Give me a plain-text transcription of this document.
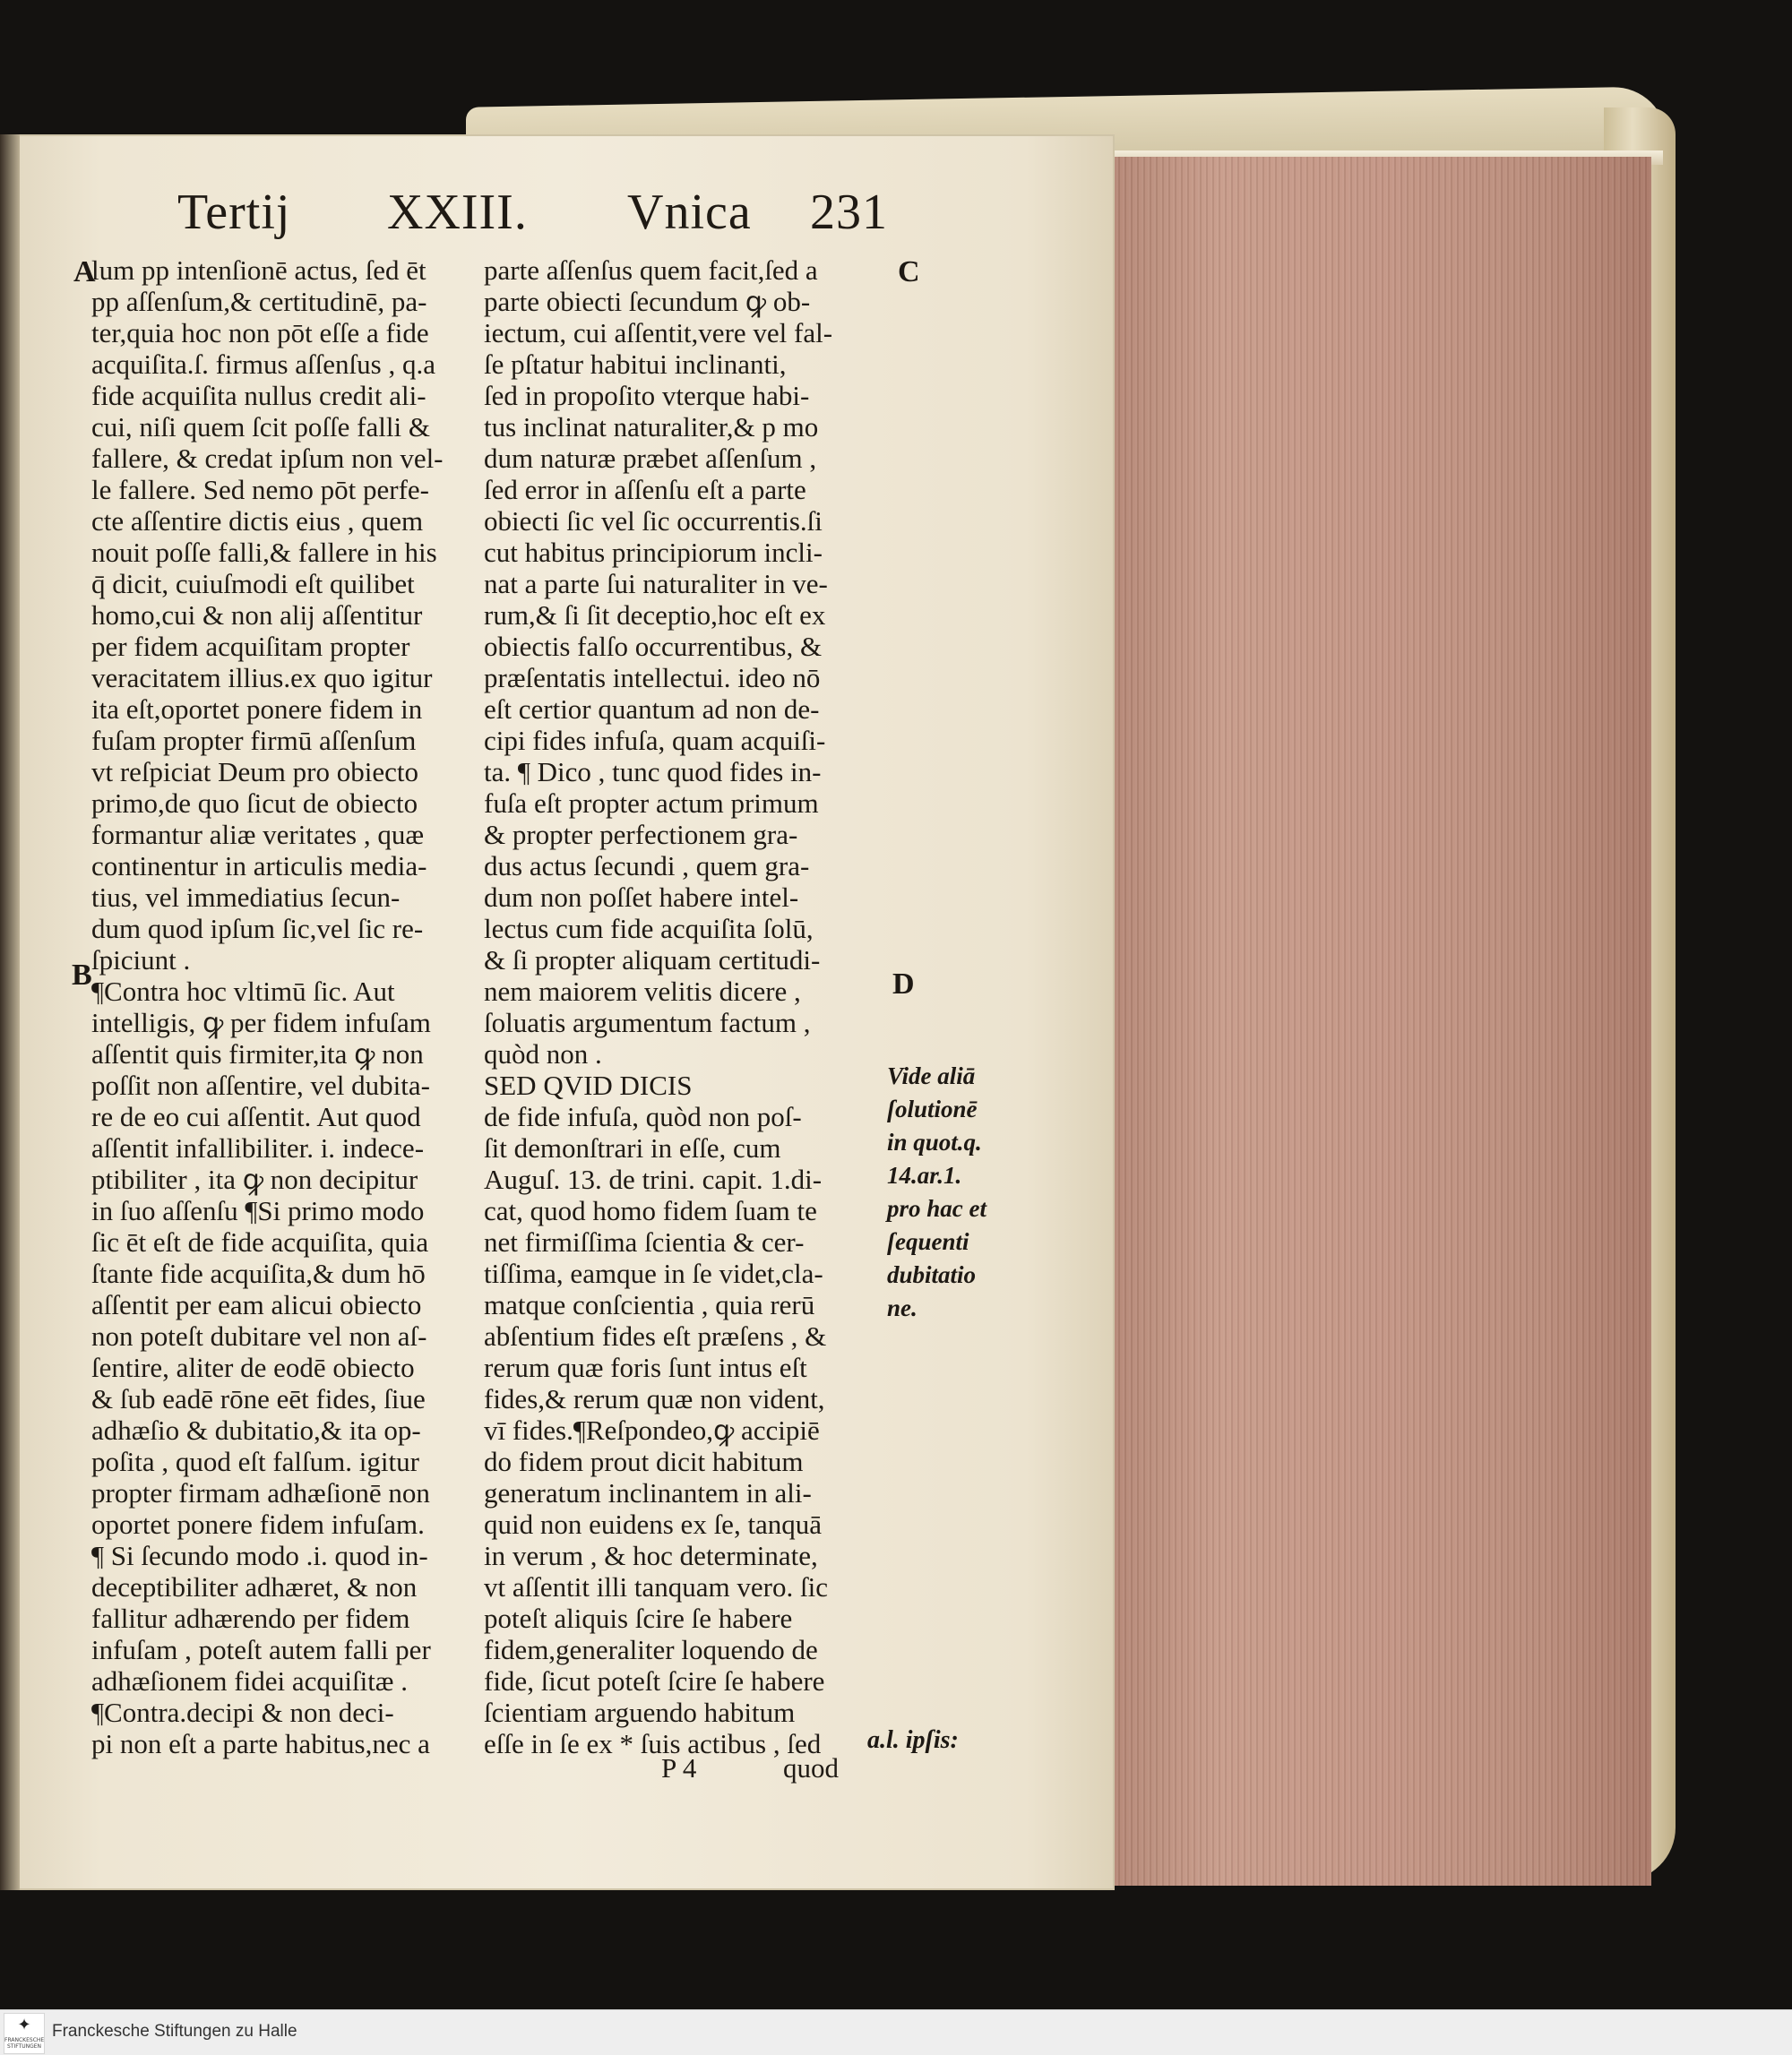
Tertij XXIII. Vnica 231
A
B
C
D
lum pp intenſionē actus, ſed ēt
pp aſſenſum,& certitudinē, pa-
ter,quia hoc non pōt eſſe a fide
acquiſita.ſ. firmus aſſenſus , q.a
fide acquiſita nullus credit ali-
cui, niſi quem ſcit poſſe falli &
fallere, & credat ipſum non vel-
le fallere. Sed nemo pōt perfe-
cte aſſentire dictis eius , quem
nouit poſſe falli,& fallere in his
q̄ dicit, cuiuſmodi eſt quilibet
homo,cui & non alij aſſentitur
per fidem acquiſitam propter
veracitatem illius.ex quo igitur
ita eſt,oportet ponere fidem in
fuſam propter firmū aſſenſum
vt reſpiciat Deum pro obiecto
primo,de quo ſicut de obiecto
formantur aliæ veritates , quæ
continentur in articulis media-
tius, vel immediatius ſecun-
dum quod ipſum ſic,vel ſic re-
ſpiciunt .
¶Contra hoc vltimū ſic. Aut
intelligis, ꝙ per fidem infuſam
aſſentit quis firmiter,ita ꝙ non
poſſit non aſſentire, vel dubita-
re de eo cui aſſentit. Aut quod
aſſentit infallibiliter. i. indece-
ptibiliter , ita ꝙ non decipitur
in ſuo aſſenſu ¶Si primo modo
ſic ēt eſt de fide acquiſita, quia
ſtante fide acquiſita,& dum hō
aſſentit per eam alicui obiecto
non poteſt dubitare vel non aſ-
ſentire, aliter de eodē obiecto
& ſub eadē rōne eēt fides, ſiue
adhæſio & dubitatio,& ita op-
poſita , quod eſt falſum. igitur
propter firmam adhæſionē non
oportet ponere fidem infuſam.
¶ Si ſecundo modo .i. quod in-
deceptibiliter adhæret, & non
fallitur adhærendo per fidem
infuſam , poteſt autem falli per
adhæſionem fidei acquiſitæ .
¶Contra.decipi & non deci-
pi non eſt a parte habitus,nec a
parte aſſenſus quem facit,ſed a
parte obiecti ſecundum ꝙ ob-
iectum, cui aſſentit,vere vel fal-
ſe pſtatur habitui inclinanti,
ſed in propoſito vterque habi-
tus inclinat naturaliter,& p mo
dum naturæ præbet aſſenſum ,
ſed error in aſſenſu eſt a parte
obiecti ſic vel ſic occurrentis.ſi
cut habitus principiorum incli-
nat a parte ſui naturaliter in ve-
rum,& ſi ſit deceptio,hoc eſt ex
obiectis falſo occurrentibus, &
præſentatis intellectui. ideo nō
eſt certior quantum ad non de-
cipi fides infuſa, quam acquiſi-
ta. ¶ Dico , tunc quod fides in-
fuſa eſt propter actum primum
& propter perfectionem gra-
dus actus ſecundi , quem gra-
dum non poſſet habere intel-
lectus cum fide acquiſita ſolū,
& ſi propter aliquam certitudi-
nem maiorem velitis dicere ,
ſoluatis argumentum factum ,
quòd non .
SED QVID DICIS
de fide infuſa, quòd non poſ-
ſit demonſtrari in eſſe, cum
Auguſ. 13. de trini. capit. 1.di-
cat, quod homo fidem ſuam te
net firmiſſima ſcientia & cer-
tiſſima, eamque in ſe videt,cla-
matque conſcientia , quia rerū
abſentium fides eſt præſens , &
rerum quæ foris ſunt intus eſt
fides,& rerum quæ non vident,
vī fides.¶Reſpondeo,ꝙ accipiē
do fidem prout dicit habitum
generatum inclinantem in ali-
quid non euidens ex ſe, tanquā
in verum , & hoc determinate,
vt aſſentit illi tanquam vero. ſic
poteſt aliquis ſcire ſe habere
fidem,generaliter loquendo de
fide, ſicut poteſt ſcire ſe habere
ſcientiam arguendo habitum
eſſe in ſe ex * ſuis actibus , ſed
Vide aliā
ſolutionē
in quot.q.
14.ar.1.
pro hac et
ſequenti
dubitatio
ne.
a.l. ipſis:
P 4	quod
✦
FRANCKESCHE STIFTUNGEN
Franckesche Stiftungen zu Halle
